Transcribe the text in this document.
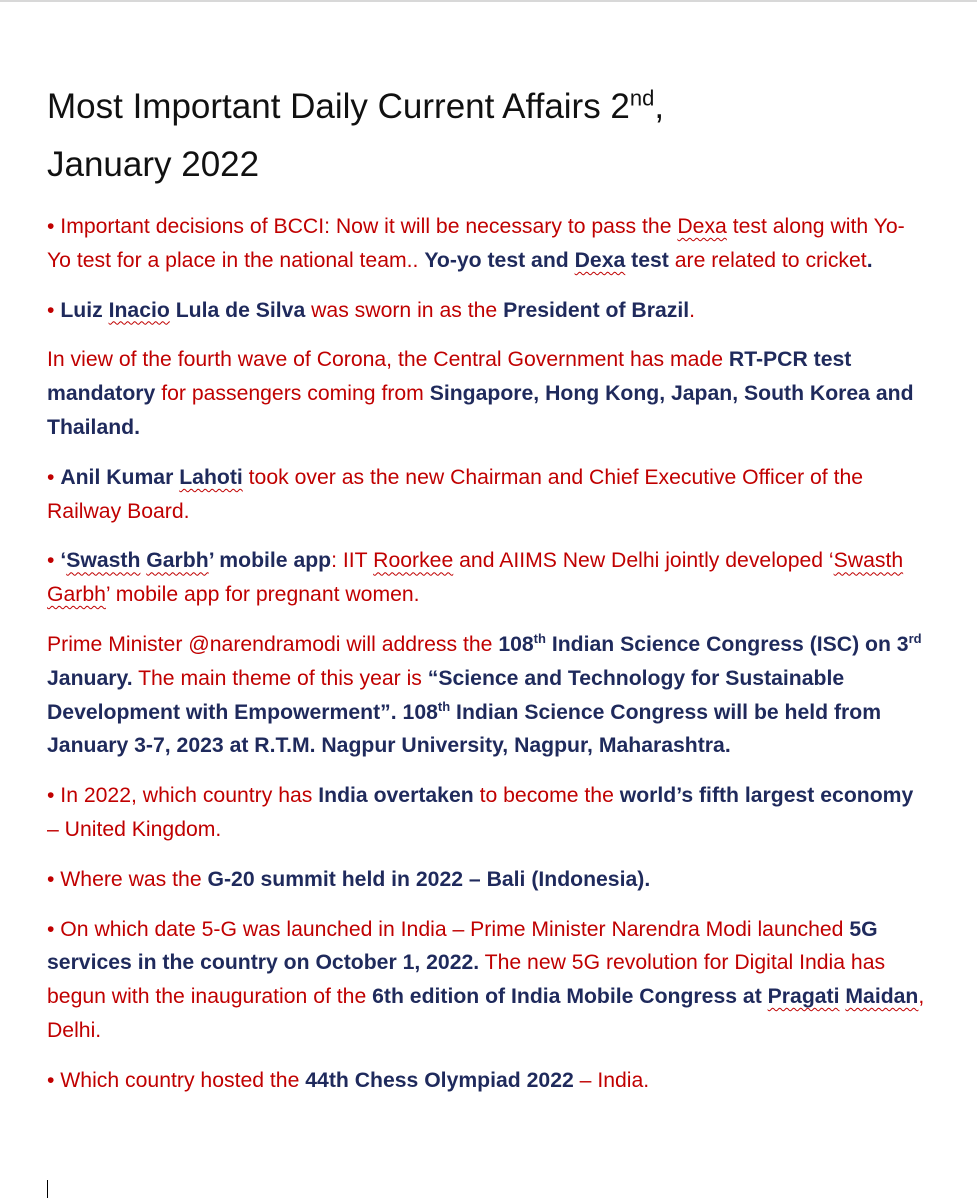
Most Important Daily Current Affairs 2nd,
January 2022

• Important decisions of BCCI: Now it will be necessary to pass the Dexa test along with Yo-Yo test for a place in the national team.. Yo-yo test and Dexa test are related to cricket.

• Luiz Inacio Lula de Silva was sworn in as the President of Brazil.

In view of the fourth wave of Corona, the Central Government has made RT-PCR test mandatory for passengers coming from Singapore, Hong Kong, Japan, South Korea and Thailand.

• Anil Kumar Lahoti took over as the new Chairman and Chief Executive Officer of the Railway Board.

• ‘Swasth Garbh’ mobile app: IIT Roorkee and AIIMS New Delhi jointly developed ‘Swasth Garbh’ mobile app for pregnant women.

Prime Minister @narendramodi will address the 108th Indian Science Congress (ISC) on 3rd January. The main theme of this year is “Science and Technology for Sustainable Development with Empowerment”. 108th Indian Science Congress will be held from January 3-7, 2023 at R.T.M. Nagpur University, Nagpur, Maharashtra.

• In 2022, which country has India overtaken to become the world’s fifth largest economy – United Kingdom.

• Where was the G-20 summit held in 2022 – Bali (Indonesia).

• On which date 5-G was launched in India – Prime Minister Narendra Modi launched 5G services in the country on October 1, 2022. The new 5G revolution for Digital India has begun with the inauguration of the 6th edition of India Mobile Congress at Pragati Maidan, Delhi.

• Which country hosted the 44th Chess Olympiad 2022 – India.
